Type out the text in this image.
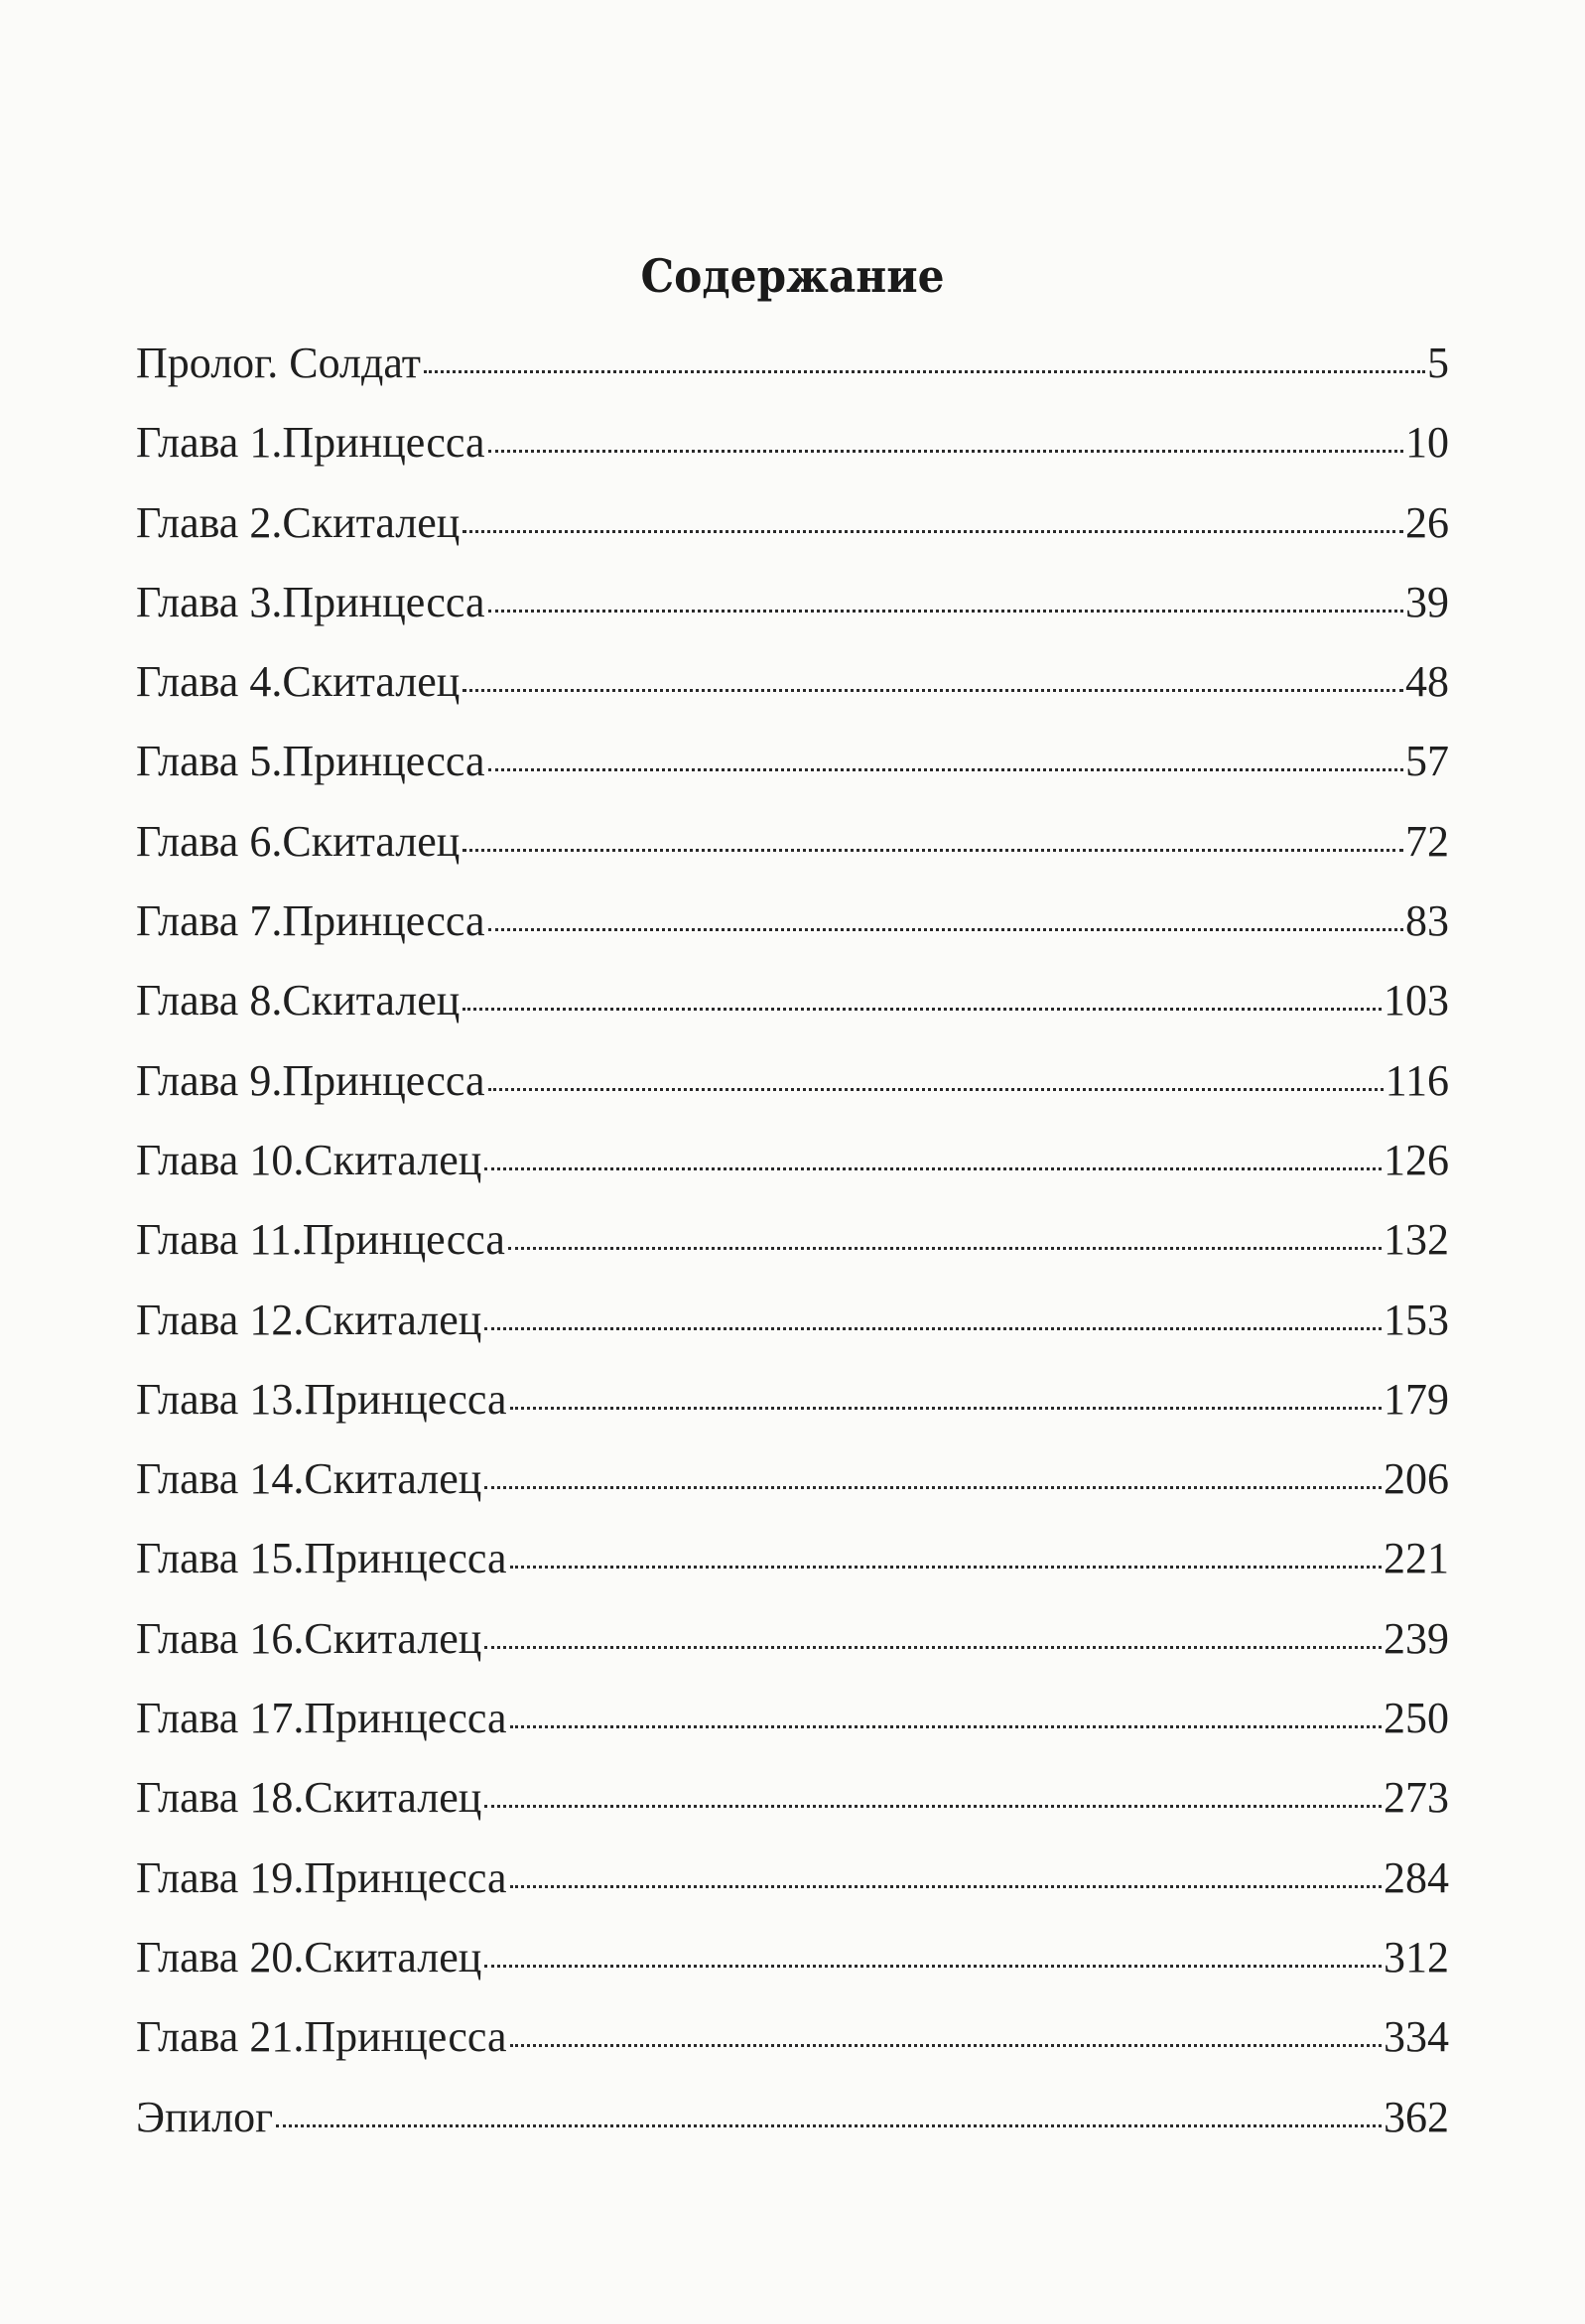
Содержание
Пролог. Солдат	5
Глава 1.Принцесса	10
Глава 2.Скиталец	26
Глава 3.Принцесса	39
Глава 4.Скиталец	48
Глава 5.Принцесса	57
Глава 6.Скиталец	72
Глава 7.Принцесса	83
Глава 8.Скиталец	103
Глава 9.Принцесса	116
Глава 10.Скиталец	126
Глава 11.Принцесса	132
Глава 12.Скиталец	153
Глава 13.Принцесса	179
Глава 14.Скиталец	206
Глава 15.Принцесса	221
Глава 16.Скиталец	239
Глава 17.Принцесса	250
Глава 18.Скиталец	273
Глава 19.Принцесса	284
Глава 20.Скиталец	312
Глава 21.Принцесса	334
Эпилог	362
